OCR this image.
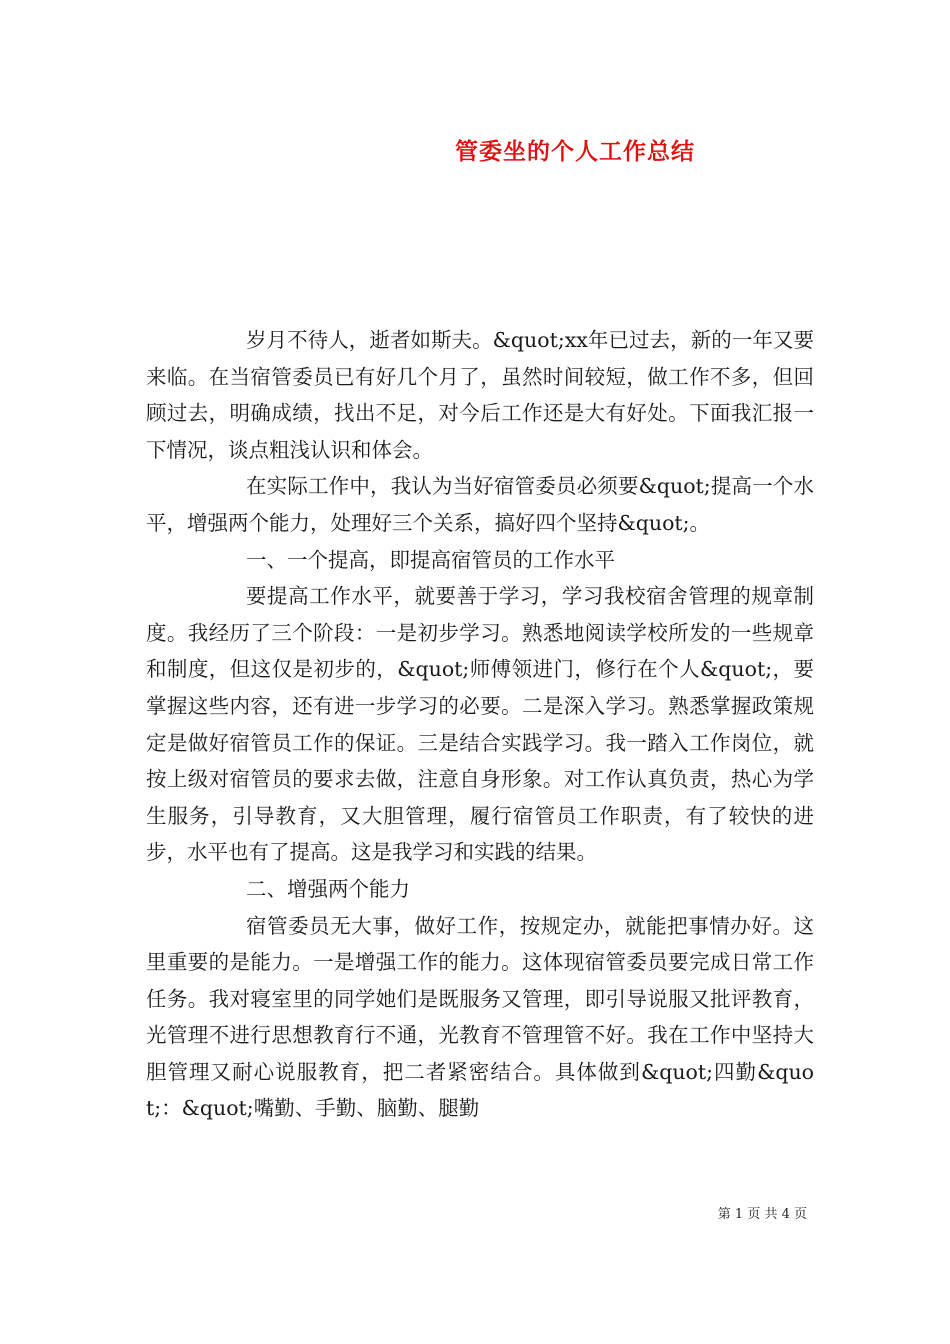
管委坐的个人工作总结

岁月不待人，逝者如斯夫。&quot;xx年已过去，新的一年又要来临。在当宿管委员已有好几个月了，虽然时间较短，做工作不多，但回顾过去，明确成绩，找出不足，对今后工作还是大有好处。下面我汇报一下情况，谈点粗浅认识和体会。

在实际工作中，我认为当好宿管委员必须要&quot;提高一个水平，增强两个能力，处理好三个关系，搞好四个坚持&quot;。

一、一个提高，即提高宿管员的工作水平

要提高工作水平，就要善于学习，学习我校宿舍管理的规章制度。我经历了三个阶段：一是初步学习。熟悉地阅读学校所发的一些规章和制度，但这仅是初步的，&quot;师傅领进门，修行在个人&quot;，要掌握这些内容，还有进一步学习的必要。二是深入学习。熟悉掌握政策规定是做好宿管员工作的保证。三是结合实践学习。我一踏入工作岗位，就按上级对宿管员的要求去做，注意自身形象。对工作认真负责，热心为学生服务，引导教育，又大胆管理，履行宿管员工作职责，有了较快的进步，水平也有了提高。这是我学习和实践的结果。

二、增强两个能力

宿管委员无大事，做好工作，按规定办，就能把事情办好。这里重要的是能力。一是增强工作的能力。这体现宿管委员要完成日常工作任务。我对寝室里的同学她们是既服务又管理，即引导说服又批评教育，光管理不进行思想教育行不通，光教育不管理管不好。我在工作中坚持大胆管理又耐心说服教育，把二者紧密结合。具体做到&quot;四勤&quot;：&quot;嘴勤、手勤、脑勤、腿勤

第 1 页 共 4 页
